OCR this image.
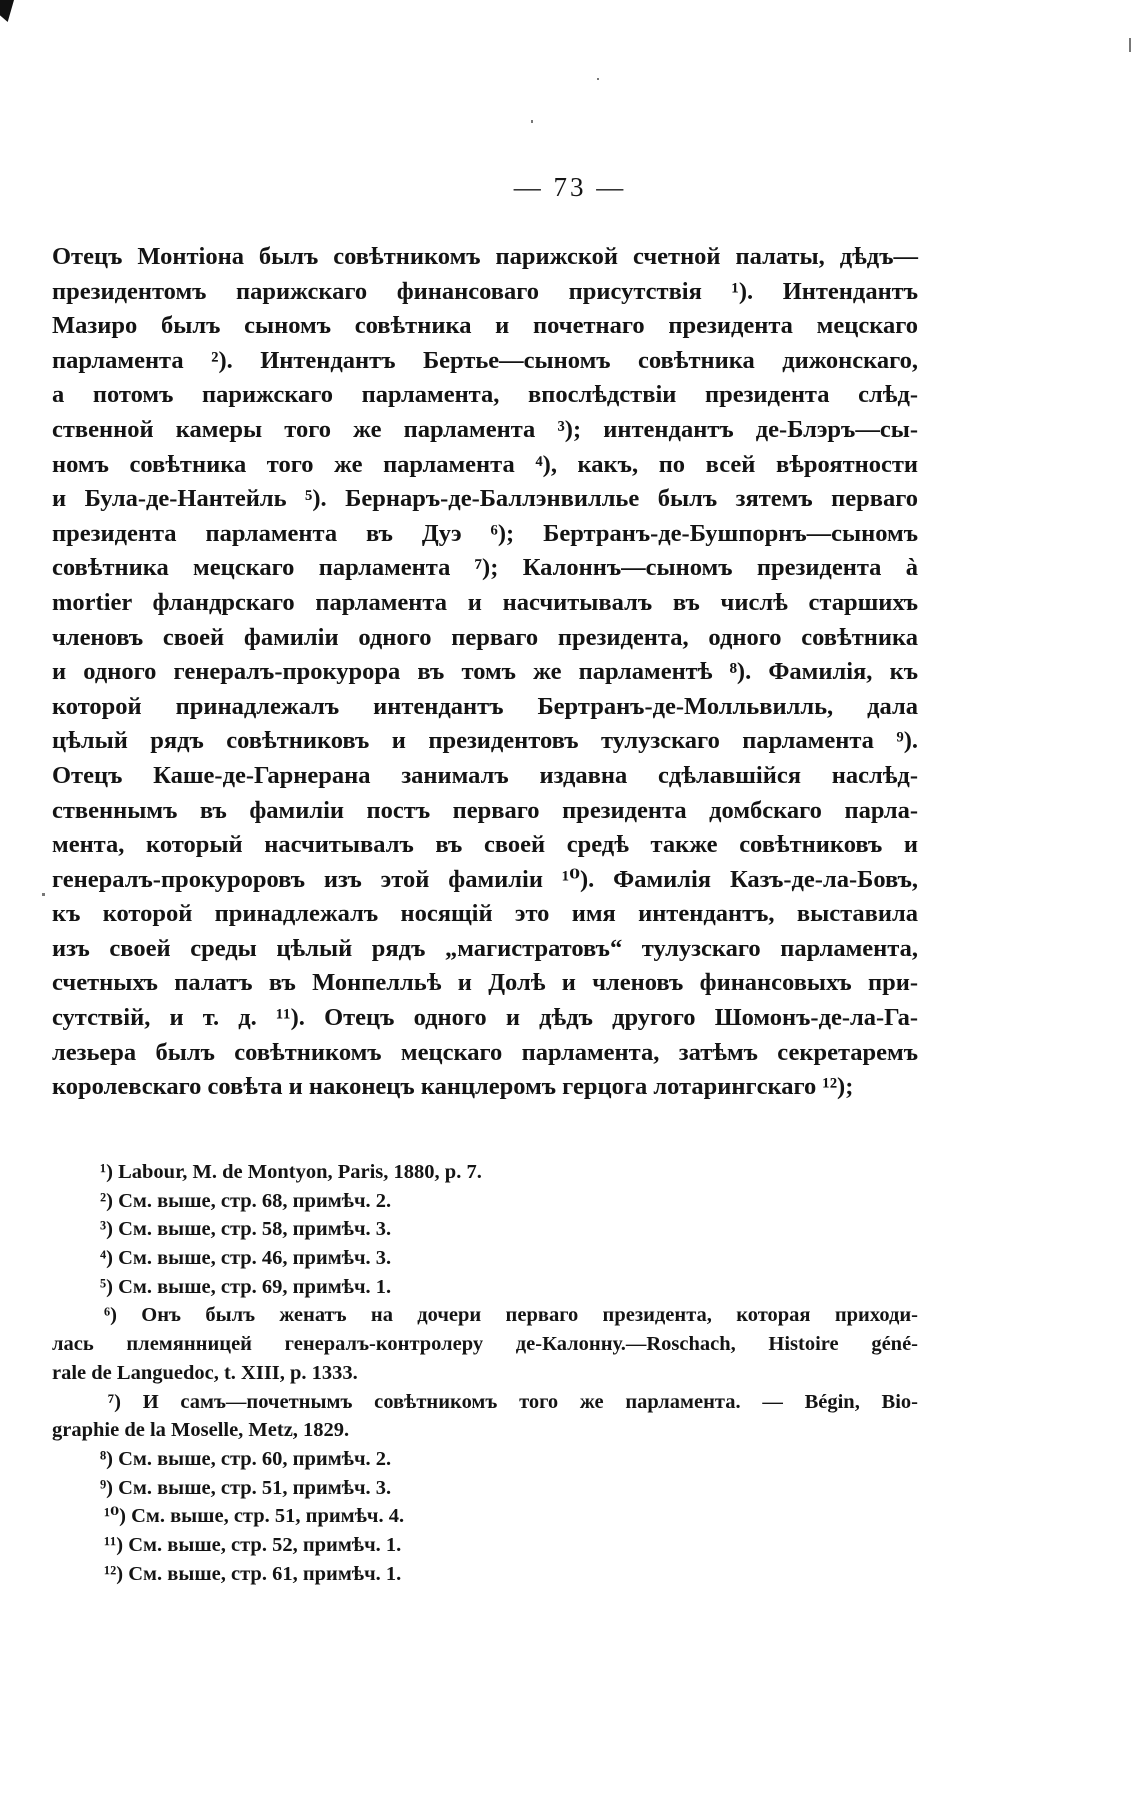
— 73 —
Отецъ Монтіона былъ совѣтникомъ парижской счетной палаты, дѣдъ—
президентомъ парижскаго финансоваго присутствія ¹). Интендантъ
Мазиро былъ сыномъ совѣтника и почетнаго президента мецскаго
парламента ²). Интендантъ Бертье—сыномъ совѣтника дижонскаго,
а потомъ парижскаго парламента, впослѣдствіи президента слѣд-
ственной камеры того же парламента ³); интендантъ де-Блэръ—сы-
номъ совѣтника того же парламента ⁴), какъ, по всей вѣроятности
и Була-де-Нантейль ⁵). Бернаръ-де-Баллэнвиллье былъ зятемъ перваго
президента парламента въ Дуэ ⁶); Бертранъ-де-Бушпорнъ—сыномъ
совѣтника мецскаго парламента ⁷); Калоннъ—сыномъ президента à
mortier фландрскаго парламента и насчитывалъ въ числѣ старшихъ
членовъ своей фамиліи одного перваго президента, одного совѣтника
и одного генералъ-прокурора въ томъ же парламентѣ ⁸). Фамилія, къ
которой принадлежалъ интендантъ Бертранъ-де-Молльвилль, дала
цѣлый рядъ совѣтниковъ и президентовъ тулузскаго парламента ⁹).
Отецъ Каше-де-Гарнерана занималъ издавна сдѣлавшійся наслѣд-
ственнымъ въ фамиліи постъ перваго президента домбскаго парла-
мента, который насчитывалъ въ своей средѣ также совѣтниковъ и
генералъ-прокуроровъ изъ этой фамиліи ¹⁰). Фамилія Казъ-де-ла-Бовъ,
къ которой принадлежалъ носящій это имя интендантъ, выставила
изъ своей среды цѣлый рядъ „магистратовъ“ тулузскаго парламента,
счетныхъ палатъ въ Монпелльѣ и Долѣ и членовъ финансовыхъ при-
сутствій, и т. д. ¹¹). Отецъ одного и дѣдъ другого Шомонъ-де-ла-Га-
лезьера былъ совѣтникомъ мецскаго парламента, затѣмъ секретаремъ
королевскаго совѣта и наконецъ канцлеромъ герцога лотарингскаго ¹²);
¹) Labour, M. de Montyon, Paris, 1880, p. 7.
²) См. выше, стр. 68, примѣч. 2.
³) См. выше, стр. 58, примѣч. 3.
⁴) См. выше, стр. 46, примѣч. 3.
⁵) См. выше, стр. 69, примѣч. 1.
⁶) Онъ былъ женатъ на дочери перваго президента, которая приходи-
лась племянницей генералъ-контролеру де-Калонну.—Roschach, Histoire géné-
rale de Languedoc, t. XIII, p. 1333.
⁷) И самъ—почетнымъ совѣтникомъ того же парламента. — Bégin, Bio-
graphie de la Moselle, Metz, 1829.
⁸) См. выше, стр. 60, примѣч. 2.
⁹) См. выше, стр. 51, примѣч. 3.
¹⁰) См. выше, стр. 51, примѣч. 4.
¹¹) См. выше, стр. 52, примѣч. 1.
¹²) См. выше, стр. 61, примѣч. 1.
